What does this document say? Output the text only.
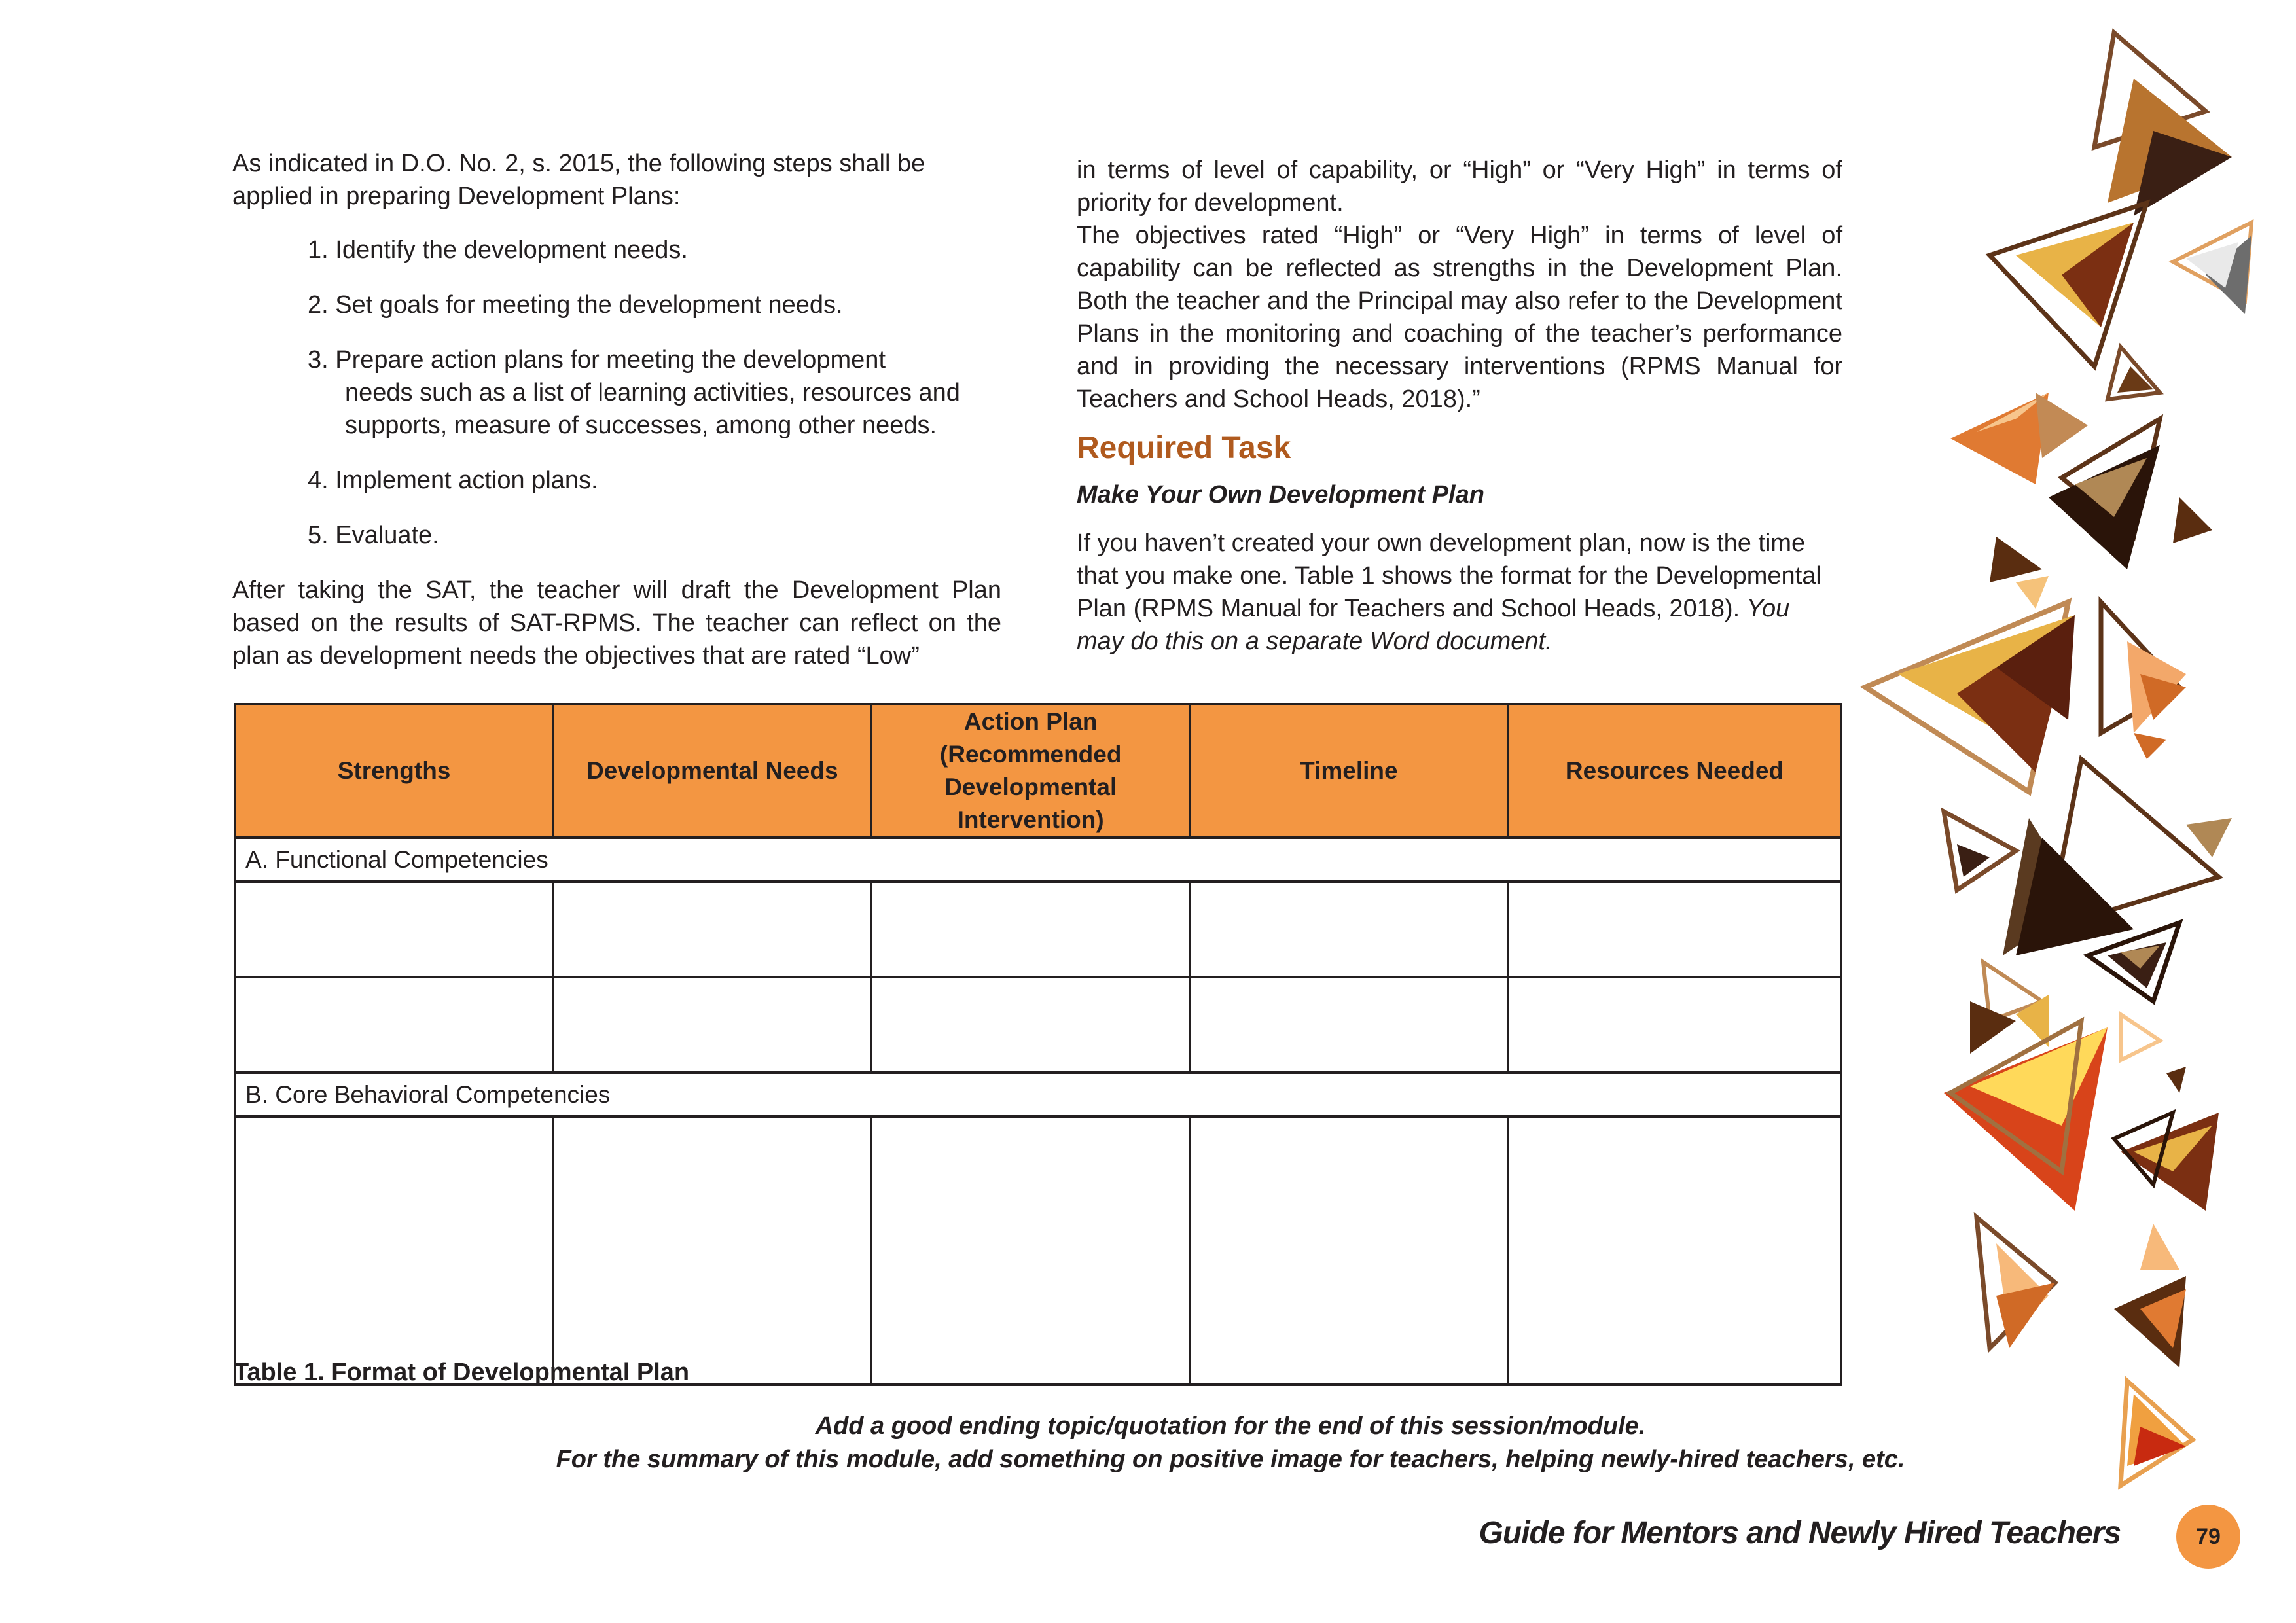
As indicated in D.O. No. 2, s. 2015, the following steps shall be applied in preparing Development Plans:

1. Identify the development needs.
2. Set goals for meeting the development needs.
3. Prepare action plans for meeting the development
needs such as a list of learning activities, resources and
supports, measure of successes, among other needs.
4. Implement action plans.
5. Evaluate.

After taking the SAT, the teacher will draft the Development Plan based on the results of SAT-RPMS. The teacher can reflect on the plan as development needs the objectives that are rated “Low”

in terms of level of capability, or “High” or “Very High” in terms of priority for development.

The objectives rated “High” or “Very High” in terms of level of capability can be reflected as strengths in the Development Plan. Both the teacher and the Principal may also refer to the Development Plans in the monitoring and coaching of the teacher’s performance and in providing the necessary interventions (RPMS Manual for Teachers and School Heads, 2018).”

Required Task
Make Your Own Development Plan

If you haven’t created your own development plan, now is the time that you make one. Table 1 shows the format for the Developmental Plan (RPMS Manual for Teachers and School Heads, 2018). You may do this on a separate Word document.

Strengths	Developmental Needs	Action Plan
(Recommended
Developmental Intervention)	Timeline	Resources Needed
A. Functional Competencies				

B. Core Behavioral Competencies				

Table 1. Format of Developmental Plan
Add a good ending topic/quotation for the end of this session/module.
For the summary of this module, add something on positive image for teachers, helping newly-hired teachers, etc.
Guide for Mentors and Newly Hired Teachers	79
